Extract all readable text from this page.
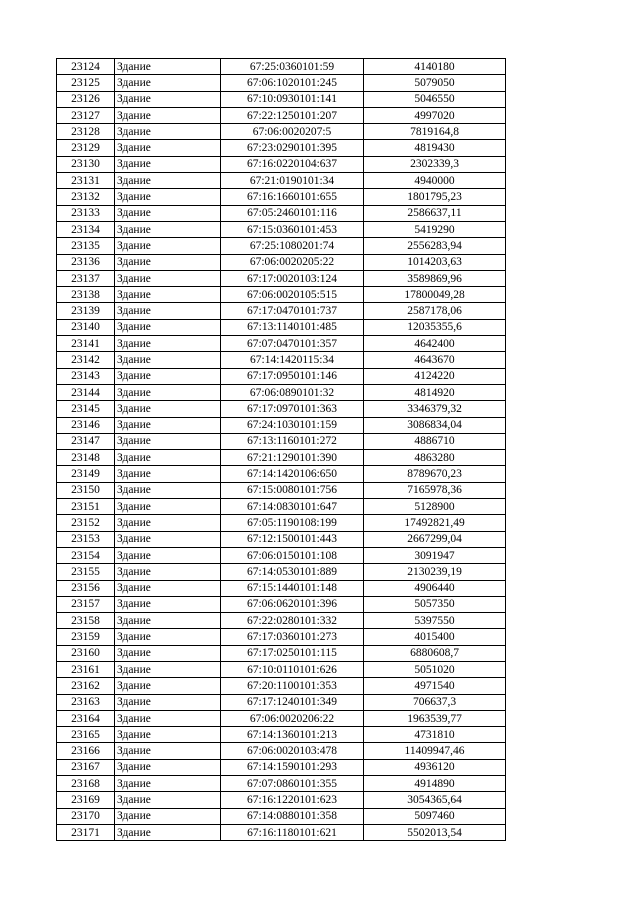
23124	Здание	67:25:0360101:59	4140180
23125	Здание	67:06:1020101:245	5079050
23126	Здание	67:10:0930101:141	5046550
23127	Здание	67:22:1250101:207	4997020
23128	Здание	67:06:0020207:5	7819164,8
23129	Здание	67:23:0290101:395	4819430
23130	Здание	67:16:0220104:637	2302339,3
23131	Здание	67:21:0190101:34	4940000
23132	Здание	67:16:1660101:655	1801795,23
23133	Здание	67:05:2460101:116	2586637,11
23134	Здание	67:15:0360101:453	5419290
23135	Здание	67:25:1080201:74	2556283,94
23136	Здание	67:06:0020205:22	1014203,63
23137	Здание	67:17:0020103:124	3589869,96
23138	Здание	67:06:0020105:515	17800049,28
23139	Здание	67:17:0470101:737	2587178,06
23140	Здание	67:13:1140101:485	12035355,6
23141	Здание	67:07:0470101:357	4642400
23142	Здание	67:14:1420115:34	4643670
23143	Здание	67:17:0950101:146	4124220
23144	Здание	67:06:0890101:32	4814920
23145	Здание	67:17:0970101:363	3346379,32
23146	Здание	67:24:1030101:159	3086834,04
23147	Здание	67:13:1160101:272	4886710
23148	Здание	67:21:1290101:390	4863280
23149	Здание	67:14:1420106:650	8789670,23
23150	Здание	67:15:0080101:756	7165978,36
23151	Здание	67:14:0830101:647	5128900
23152	Здание	67:05:1190108:199	17492821,49
23153	Здание	67:12:1500101:443	2667299,04
23154	Здание	67:06:0150101:108	3091947
23155	Здание	67:14:0530101:889	2130239,19
23156	Здание	67:15:1440101:148	4906440
23157	Здание	67:06:0620101:396	5057350
23158	Здание	67:22:0280101:332	5397550
23159	Здание	67:17:0360101:273	4015400
23160	Здание	67:17:0250101:115	6880608,7
23161	Здание	67:10:0110101:626	5051020
23162	Здание	67:20:1100101:353	4971540
23163	Здание	67:17:1240101:349	706637,3
23164	Здание	67:06:0020206:22	1963539,77
23165	Здание	67:14:1360101:213	4731810
23166	Здание	67:06:0020103:478	11409947,46
23167	Здание	67:14:1590101:293	4936120
23168	Здание	67:07:0860101:355	4914890
23169	Здание	67:16:1220101:623	3054365,64
23170	Здание	67:14:0880101:358	5097460
23171	Здание	67:16:1180101:621	5502013,54
